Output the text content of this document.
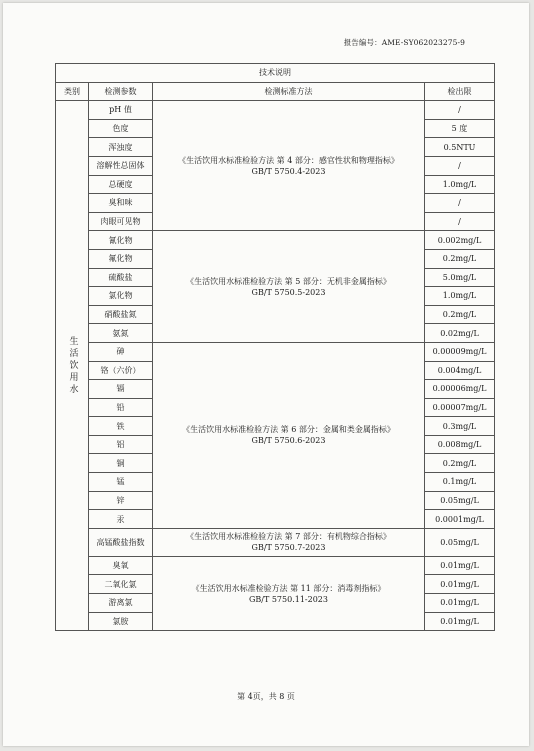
报告编号：AME-SY062023275-9
技术说明			
类别	检测参数	检测标准方法	检出限
生活饮用水	pH 值	《生活饮用水标准检验方法 第 4 部分：感官性状和物理指标》
GB/T 5750.4-2023	/
	色度		5 度
	浑浊度		0.5NTU
	溶解性总固体		/
	总硬度		1.0mg/L
	臭和味		/
	肉眼可见物		/
	氰化物	《生活饮用水标准检验方法 第 5 部分：无机非金属指标》
GB/T 5750.5-2023	0.002mg/L
	氟化物		0.2mg/L
	硫酸盐		5.0mg/L
	氯化物		1.0mg/L
	硝酸盐氮		0.2mg/L
	氨氮		0.02mg/L
	砷	《生活饮用水标准检验方法 第 6 部分：金属和类金属指标》
GB/T 5750.6-2023	0.00009mg/L
	铬（六价）		0.004mg/L
	镉		0.00006mg/L
	铅		0.00007mg/L
	铁		0.3mg/L
	铝		0.008mg/L
	铜		0.2mg/L
	锰		0.1mg/L
	锌		0.05mg/L
	汞		0.0001mg/L
	高锰酸盐指数	《生活饮用水标准检验方法 第 7 部分：有机物综合指标》
GB/T 5750.7-2023	0.05mg/L
	臭氧	《生活饮用水标准检验方法 第 11 部分：消毒剂指标》
GB/T 5750.11-2023	0.01mg/L
	二氧化氯		0.01mg/L
	游离氯		0.01mg/L
	氯胺		0.01mg/L
第 4页，共 8 页
